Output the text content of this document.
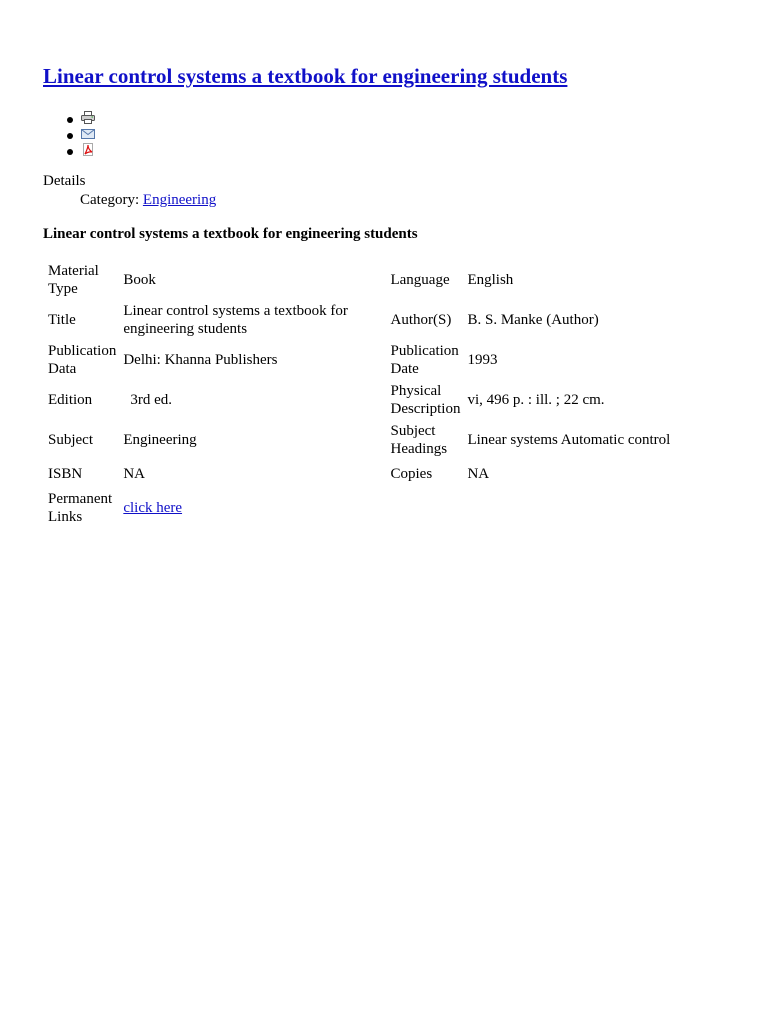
Linear control systems a textbook for engineering students
Details
Category: Engineering
Linear control systems a textbook for engineering students
Material Type	Book	Language	English
Title	Linear control systems a textbook for engineering students	Author(S)	B. S. Manke (Author)
Publication Data	Delhi: Khanna Publishers	Publication Date	1993
Edition	3rd ed.	Physical Description	vi, 496 p. : ill. ; 22 cm.
Subject	Engineering	Subject Headings	Linear systems Automatic control
ISBN	NA	Copies	NA
Permanent Links	click here		
